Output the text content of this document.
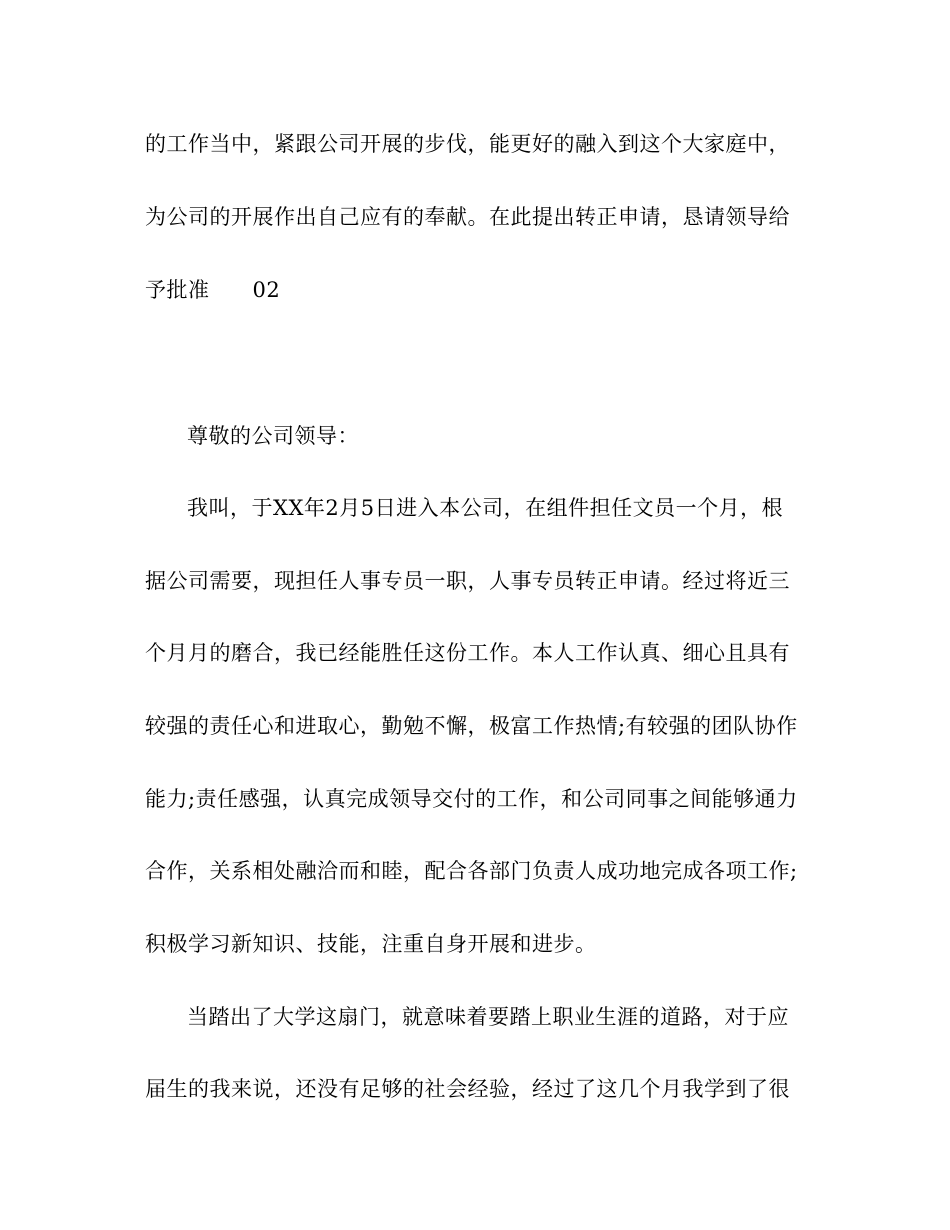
的工作当中，紧跟公司开展的步伐，能更好的融入到这个大家庭中，
为公司的开展作出自己应有的奉献。在此提出转正申请，恳请领导给
予批准　　02
尊敬的公司领导：
我叫，于XX年2月5日进入本公司，在组件担任文员一个月，根
据公司需要，现担任人事专员一职，人事专员转正申请。经过将近三
个月月的磨合，我已经能胜任这份工作。本人工作认真、细心且具有
较强的责任心和进取心，勤勉不懈，极富工作热情;有较强的团队协作
能力;责任感强，认真完成领导交付的工作，和公司同事之间能够通力
合作，关系相处融洽而和睦，配合各部门负责人成功地完成各项工作;
积极学习新知识、技能，注重自身开展和进步。
当踏出了大学这扇门，就意味着要踏上职业生涯的道路，对于应
届生的我来说，还没有足够的社会经验，经过了这几个月我学到了很
